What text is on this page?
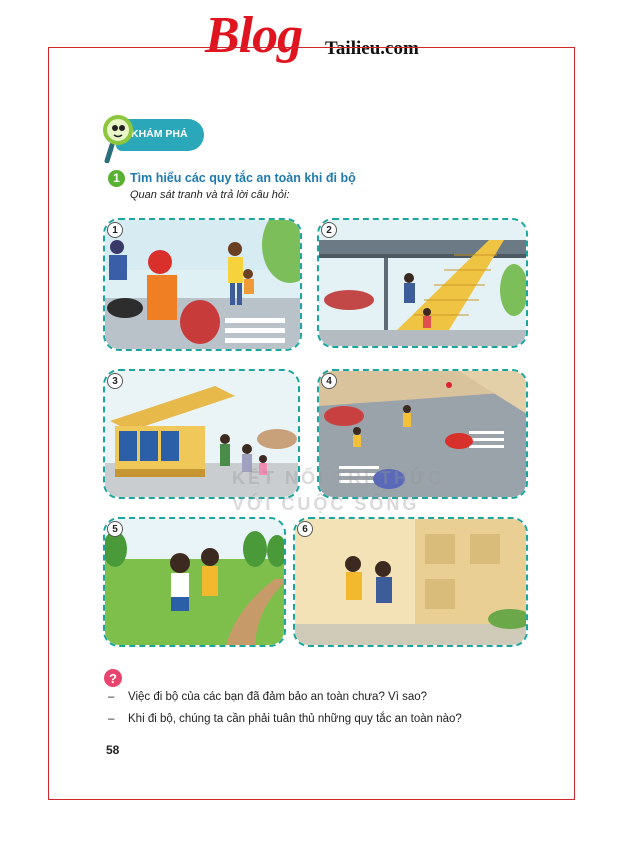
Blog Tailieu.com
KHÁM PHÁ
1 Tìm hiểu các quy tắc an toàn khi đi bộ
Quan sát tranh và trả lời câu hỏi:
1	2
3	4
5	6
KẾT NỐI TRI THỨC
VỚI CUỘC SỐNG
?
– Việc đi bộ của các bạn đã đảm bảo an toàn chưa? Vì sao?
– Khi đi bộ, chúng ta cần phải tuân thủ những quy tắc an toàn nào?
58
